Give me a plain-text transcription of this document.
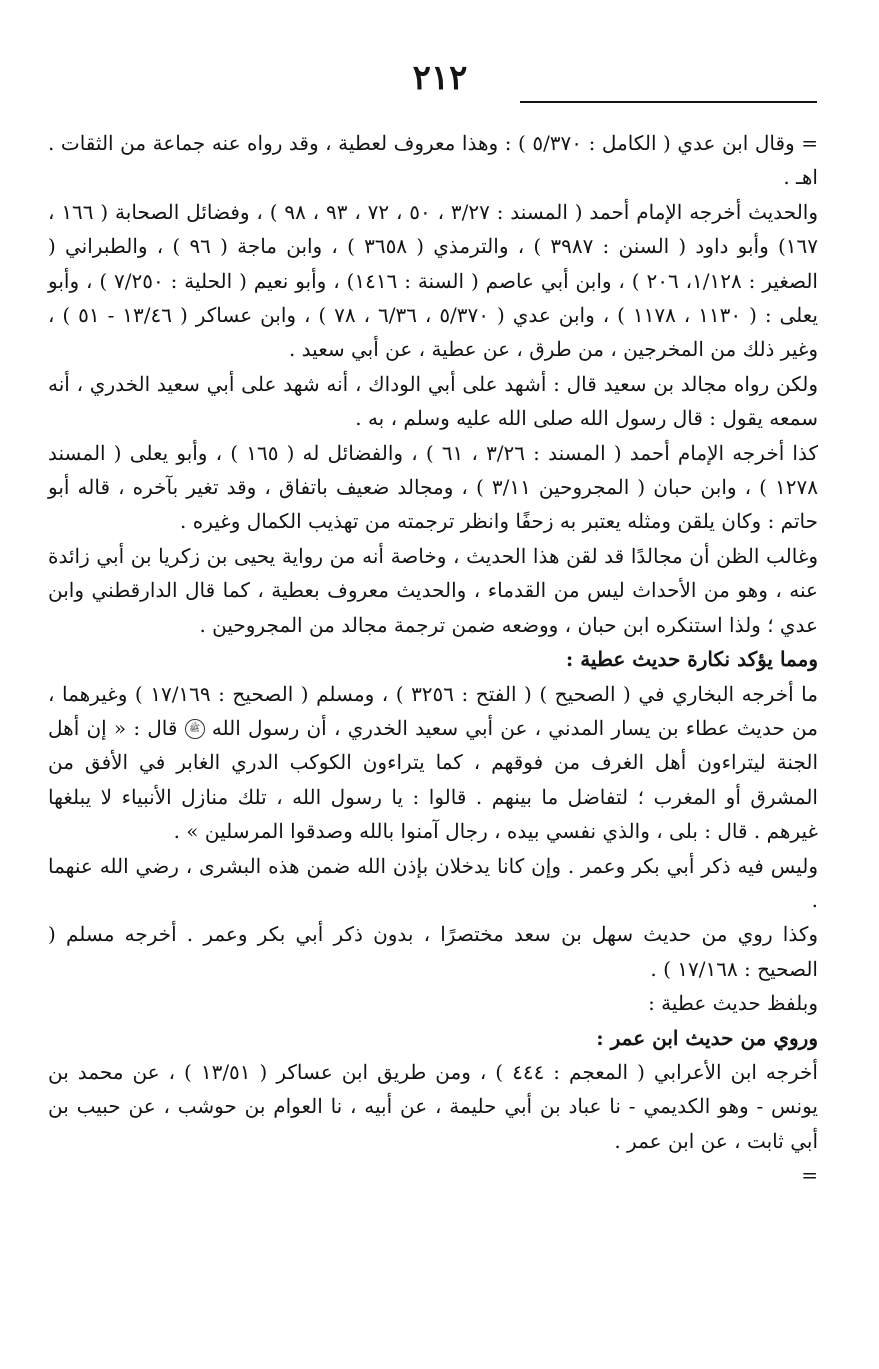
٢١٢

= وقال ابن عدي ( الكامل : ٥/٣٧٠ ) : وهذا معروف لعطية ، وقد رواه عنه جماعة من الثقات . اهـ .

والحديث أخرجه الإمام أحمد ( المسند : ٣/٢٧ ، ٥٠ ، ٧٢ ، ٩٣ ، ٩٨ ) ، وفضائل الصحابة ( ١٦٦ ، ١٦٧) وأبو داود ( السنن : ٣٩٨٧ ) ، والترمذي ( ٣٦٥٨ ) ، وابن ماجة ( ٩٦ ) ، والطبراني ( الصغير : ١/١٢٨، ٢٠٦ ) ، وابن أبي عاصم ( السنة : ١٤١٦) ، وأبو نعيم ( الحلية : ٧/٢٥٠ ) ، وأبو يعلى : ( ١١٣٠ ، ١١٧٨ ) ، وابن عدي ( ٥/٣٧٠ ، ٦/٣٦ ، ٧٨ ) ، وابن عساكر ( ١٣/٤٦ - ٥١ ) ، وغير ذلك من المخرجين ، من طرق ، عن عطية ، عن أبي سعيد .

ولكن رواه مجالد بن سعيد قال : أشهد على أبي الوداك ، أنه شهد على أبي سعيد الخدري ، أنه سمعه يقول : قال رسول الله صلى الله عليه وسلم ، به .

كذا أخرجه الإمام أحمد ( المسند : ٣/٢٦ ، ٦١ ) ، والفضائل له ( ١٦٥ ) ، وأبو يعلى ( المسند ١٢٧٨ ) ، وابن حبان ( المجروحين ٣/١١ ) ، ومجالد ضعيف باتفاق ، وقد تغير بآخره ، قاله أبو حاتم : وكان يلقن ومثله يعتبر به زحفًا وانظر ترجمته من تهذيب الكمال وغيره .

وغالب الظن أن مجالدًا قد لقن هذا الحديث ، وخاصة أنه من رواية يحيى بن زكريا بن أبي زائدة عنه ، وهو من الأحداث ليس من القدماء ، والحديث معروف بعطية ، كما قال الدارقطني وابن عدي ؛ ولذا استنكره ابن حبان ، ووضعه ضمن ترجمة مجالد من المجروحين .

ومما يؤكد نكارة حديث عطية :

ما أخرجه البخاري في ( الصحيح ) ( الفتح : ٣٢٥٦ ) ، ومسلم ( الصحيح : ١٧/١٦٩ ) وغيرهما ، من حديث عطاء بن يسار المدني ، عن أبي سعيد الخدري ، أن رسول الله ﷺ قال : « إن أهل الجنة ليتراءون أهل الغرف من فوقهم ، كما يتراءون الكوكب الدري الغابر في الأفق من المشرق أو المغرب ؛ لتفاضل ما بينهم . قالوا : يا رسول الله ، تلك منازل الأنبياء لا يبلغها غيرهم . قال : بلى ، والذي نفسي بيده ، رجال آمنوا بالله وصدقوا المرسلين » .

وليس فيه ذكر أبي بكر وعمر . وإن كانا يدخلان بإذن الله ضمن هذه البشرى ، رضي الله عنهما .

وكذا روي من حديث سهل بن سعد مختصرًا ، بدون ذكر أبي بكر وعمر . أخرجه مسلم ( الصحيح : ١٧/١٦٨ ) .

وبلفظ حديث عطية :

وروي من حديث ابن عمر :

أخرجه ابن الأعرابي ( المعجم : ٤٤٤ ) ، ومن طريق ابن عساكر ( ١٣/٥١ ) ، عن محمد بن يونس - وهو الكديمي - نا عباد بن أبي حليمة ، عن أبيه ، نا العوام بن حوشب ، عن حبيب بن أبي ثابت ، عن ابن عمر .

=
